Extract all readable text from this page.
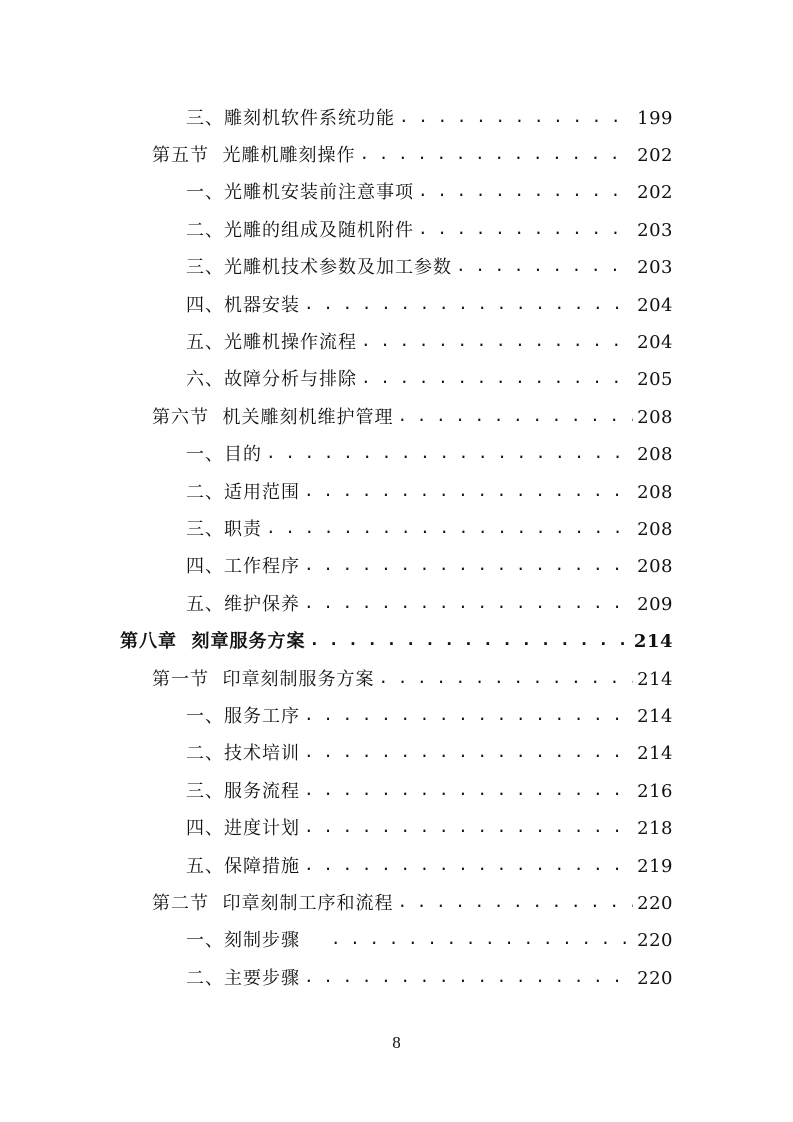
三、雕刻机软件系统功能 . . .	199
第五节  光雕机雕刻操作 . . .	202
一、光雕机安装前注意事项 . . .	202
二、光雕的组成及随机附件 . . .	203
三、光雕机技术参数及加工参数 . . .	203
四、机器安装 . . .	204
五、光雕机操作流程 . . .	204
六、故障分析与排除 . . .	205
第六节  机关雕刻机维护管理 . . .	208
一、目的 . . .	208
二、适用范围 . . .	208
三、职责 . . .	208
四、工作程序 . . .	208
五、维护保养 . . .	209
第八章  刻章服务方案 . . .	214
第一节  印章刻制服务方案 . . .	214
一、服务工序 . . .	214
二、技术培训 . . .	214
三、服务流程 . . .	216
四、进度计划 . . .	218
五、保障措施 . . .	219
第二节  印章刻制工序和流程 . . .	220
一、刻制步骤 . . .	220
二、主要步骤 . . .	220
8
